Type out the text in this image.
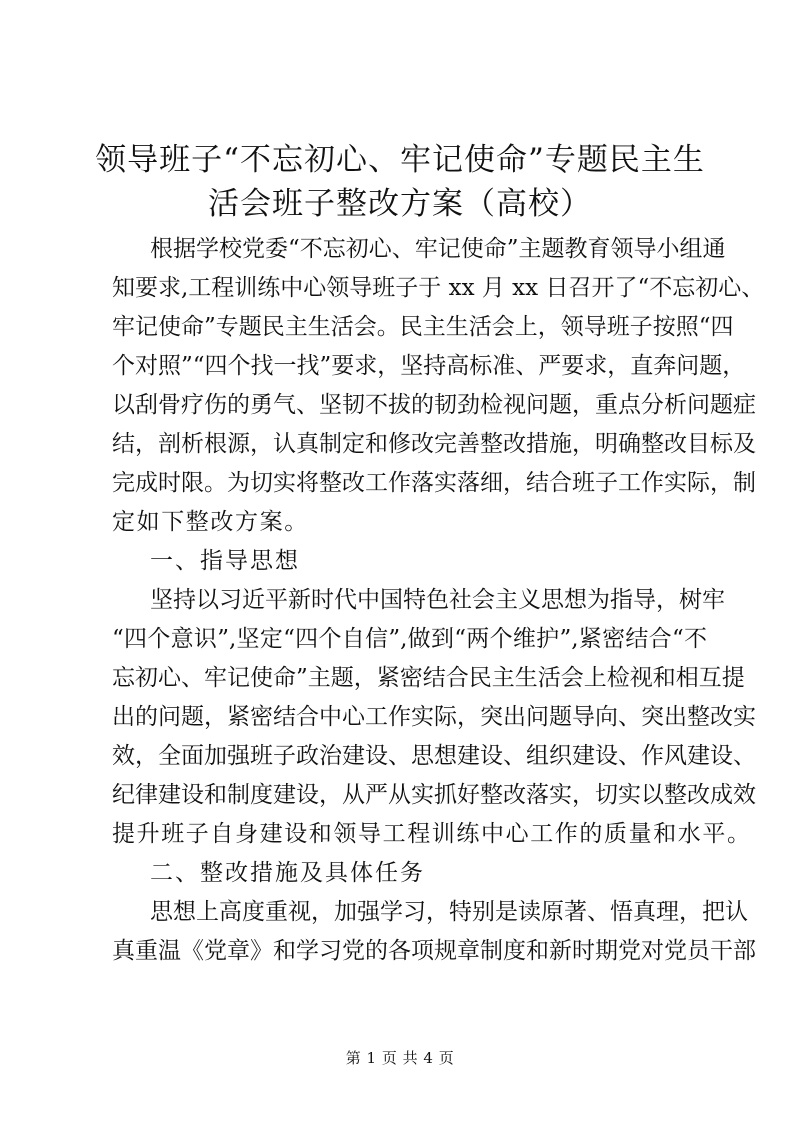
领导班子“不忘初心、牢记使命”专题民主生
活会班子整改方案（高校）
根据学校党委“不忘初心、牢记使命”主题教育领导小组通
知要求,工程训练中心领导班子于 xx 月 xx 日召开了“不忘初心、
牢记使命”专题民主生活会。民主生活会上，领导班子按照“四
个对照”“四个找一找”要求，坚持高标准、严要求，直奔问题，
以刮骨疗伤的勇气、坚韧不拔的韧劲检视问题，重点分析问题症
结，剖析根源，认真制定和修改完善整改措施，明确整改目标及
完成时限。为切实将整改工作落实落细，结合班子工作实际，制
定如下整改方案。
一、指导思想
坚持以习近平新时代中国特色社会主义思想为指导，树牢
“四个意识”,坚定“四个自信”,做到“两个维护”,紧密结合“不
忘初心、牢记使命”主题，紧密结合民主生活会上检视和相互提
出的问题，紧密结合中心工作实际，突出问题导向、突出整改实
效，全面加强班子政治建设、思想建设、组织建设、作风建设、
纪律建设和制度建设，从严从实抓好整改落实，切实以整改成效
提升班子自身建设和领导工程训练中心工作的质量和水平。
二、整改措施及具体任务
思想上高度重视，加强学习，特别是读原著、悟真理，把认
真重温《党章》和学习党的各项规章制度和新时期党对党员干部
第 1 页 共 4 页
